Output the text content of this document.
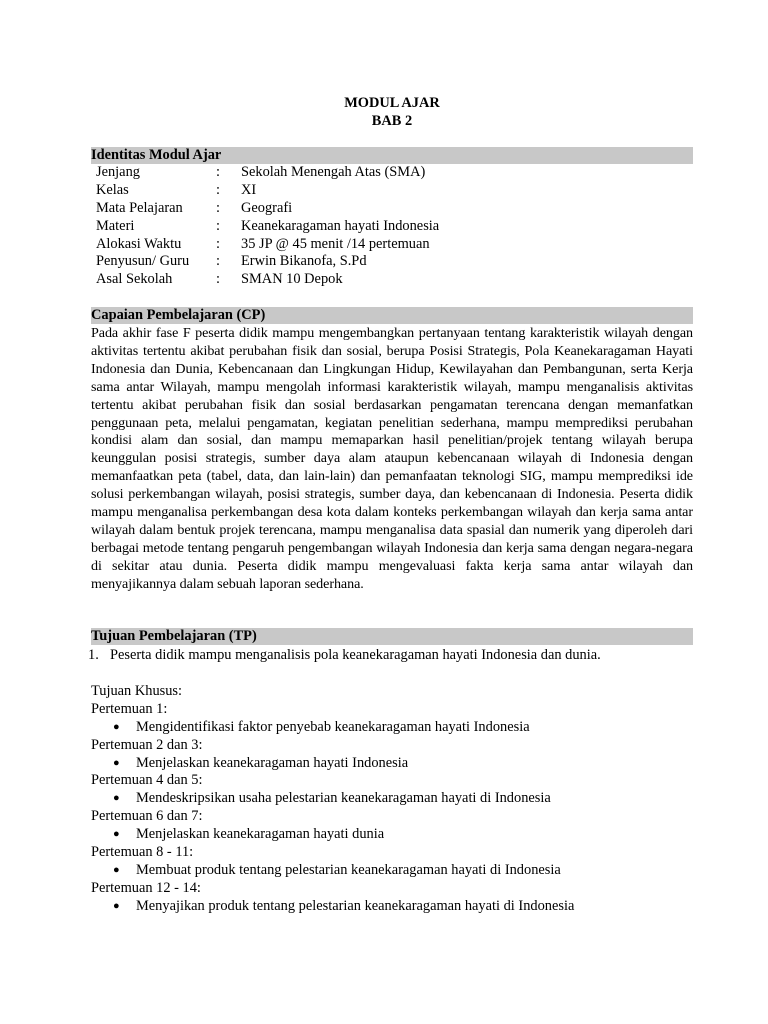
MODUL AJAR
BAB 2
Identitas Modul Ajar
Jenjang	: Sekolah Menengah Atas (SMA)
Kelas	: XI
Mata Pelajaran : Geografi
Materi	: Keanekaragaman hayati Indonesia
Alokasi Waktu : 35 JP @ 45 menit /14 pertemuan
Penyusun/ Guru : Erwin Bikanofa, S.Pd
Asal Sekolah	: SMAN 10 Depok
Capaian Pembelajaran (CP)
Pada akhir fase F peserta didik mampu mengembangkan pertanyaan tentang karakteristik wilayah dengan aktivitas tertentu akibat perubahan fisik dan sosial, berupa Posisi Strategis, Pola Keanekaragaman Hayati Indonesia dan Dunia, Kebencanaan dan Lingkungan Hidup, Kewilayahan dan Pembangunan, serta Kerja sama antar Wilayah, mampu mengolah informasi karakteristik wilayah, mampu menganalisis aktivitas tertentu akibat perubahan fisik dan sosial berdasarkan pengamatan terencana dengan memanfatkan penggunaan peta, melalui pengamatan, kegiatan penelitian sederhana, mampu memprediksi perubahan kondisi alam dan sosial, dan mampu memaparkan hasil penelitian/projek tentang wilayah berupa keunggulan posisi strategis, sumber daya alam ataupun kebencanaan wilayah di Indonesia dengan memanfaatkan peta (tabel, data, dan lain-lain) dan pemanfaatan teknologi SIG, mampu memprediksi ide solusi perkembangan wilayah, posisi strategis, sumber daya, dan kebencanaan di Indonesia. Peserta didik mampu menganalisa perkembangan desa kota dalam konteks perkembangan wilayah dan kerja sama antar wilayah dalam bentuk projek terencana, mampu menganalisa data spasial dan numerik yang diperoleh dari berbagai metode tentang pengaruh pengembangan wilayah Indonesia dan kerja sama dengan negara-negara di sekitar atau dunia. Peserta didik mampu mengevaluasi fakta kerja sama antar wilayah dan menyajikannya dalam sebuah laporan sederhana.
Tujuan Pembelajaran (TP)
1. Peserta didik mampu menganalisis pola keanekaragaman hayati Indonesia dan dunia.
Tujuan Khusus:
Pertemuan 1:
● Mengidentifikasi faktor penyebab keanekaragaman hayati Indonesia
Pertemuan 2 dan 3:
● Menjelaskan keanekaragaman hayati Indonesia
Pertemuan 4 dan 5:
● Mendeskripsikan usaha pelestarian keanekaragaman hayati di Indonesia
Pertemuan 6 dan 7:
● Menjelaskan keanekaragaman hayati dunia
Pertemuan 8 - 11:
● Membuat produk tentang pelestarian keanekaragaman hayati di Indonesia
Pertemuan 12 - 14:
● Menyajikan produk tentang pelestarian keanekaragaman hayati di Indonesia
